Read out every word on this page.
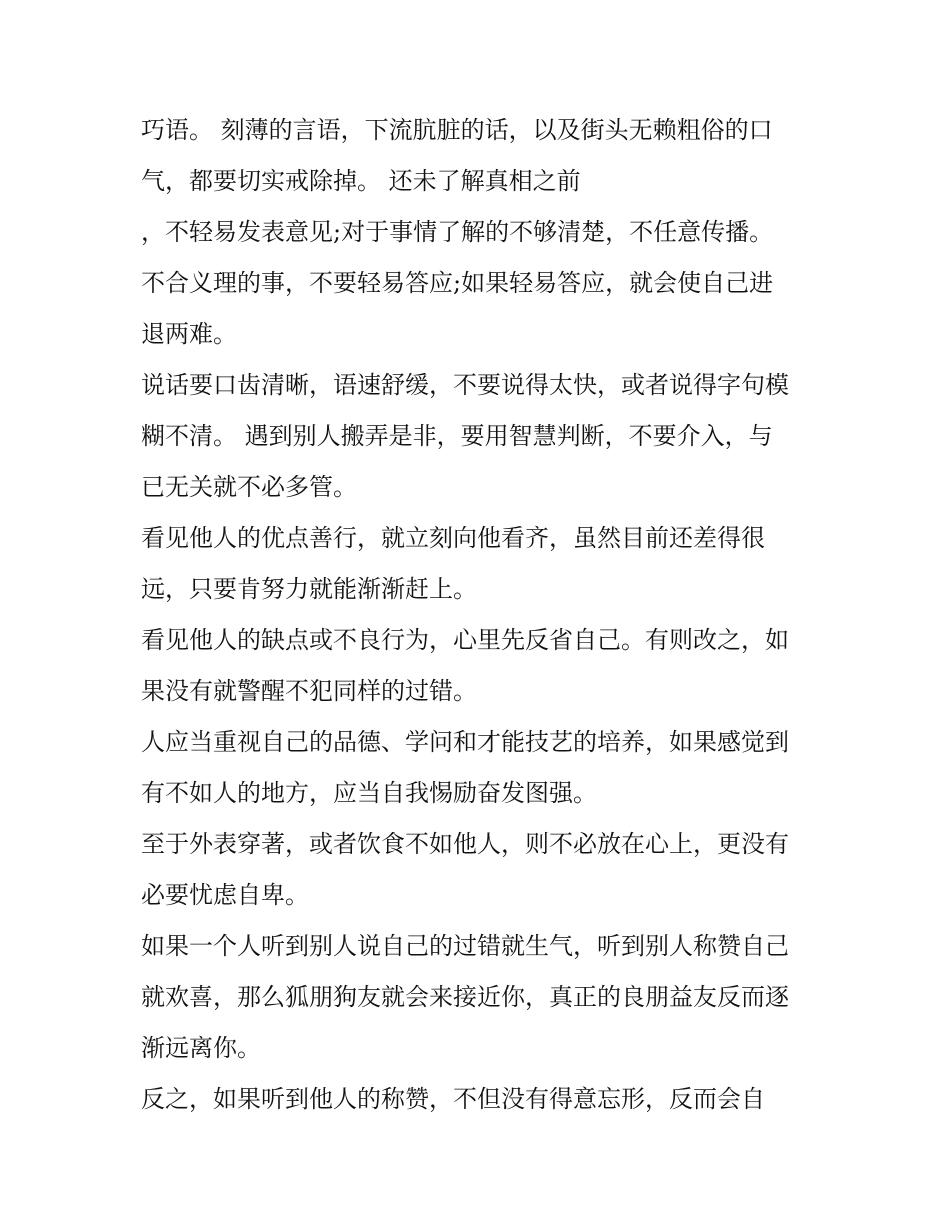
巧语。 刻薄的言语，下流肮脏的话，以及街头无赖粗俗的口
气，都要切实戒除掉。 还未了解真相之前
，不轻易发表意见;对于事情了解的不够清楚，不任意传播。
不合义理的事，不要轻易答应;如果轻易答应，就会使自己进
退两难。
说话要口齿清晰，语速舒缓，不要说得太快，或者说得字句模
糊不清。 遇到别人搬弄是非，要用智慧判断，不要介入，与
已无关就不必多管。
看见他人的优点善行，就立刻向他看齐，虽然目前还差得很
远，只要肯努力就能渐渐赶上。
看见他人的缺点或不良行为，心里先反省自己。有则改之，如
果没有就警醒不犯同样的过错。
人应当重视自己的品德、学问和才能技艺的培养，如果感觉到
有不如人的地方，应当自我惕励奋发图强。
至于外表穿著，或者饮食不如他人，则不必放在心上，更没有
必要忧虑自卑。
如果一个人听到别人说自己的过错就生气，听到别人称赞自己
就欢喜，那么狐朋狗友就会来接近你，真正的良朋益友反而逐
渐远离你。
反之，如果听到他人的称赞，不但没有得意忘形，反而会自
